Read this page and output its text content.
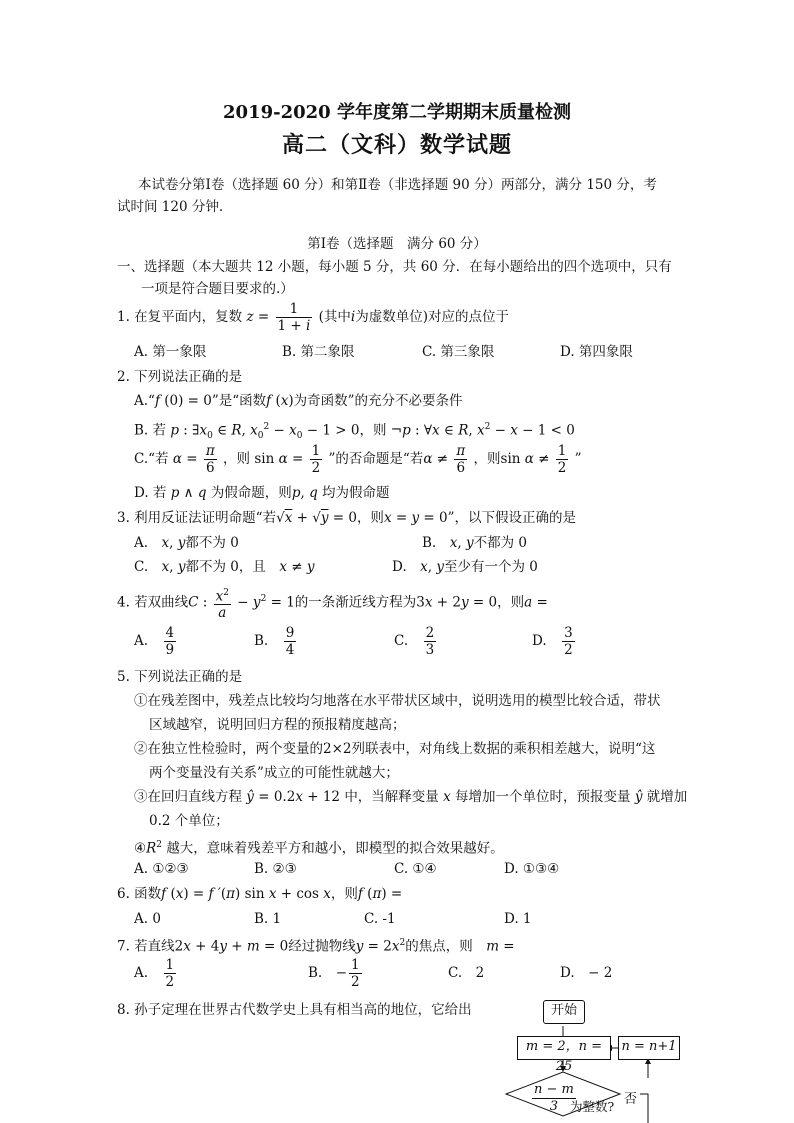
2019-2020 学年度第二学期期末质量检测
高二（文科）数学试题
本试卷分第Ⅰ卷（选择题 60 分）和第Ⅱ卷（非选择题 90 分）两部分，满分 150 分，考
试时间 120 分钟.
第Ⅰ卷（选择题　满分 60 分）
一、选择题（本大题共 12 小题，每小题 5 分，共 60 分．在每小题给出的四个选项中，只有
一项是符合题目要求的.）
1. 在复平面内，复数 $z = \frac{1}{1 + i}$ (其中i为虚数单位)对应的点位于
A. 第一象限	B. 第二象限	C. 第三象限	D. 第四象限
2. 下列说法正确的是
A.“f (0) = 0”是“函数f (x)为奇函数”的充分不必要条件
B. 若 p : $\exists x_0$ ∈ R, $x_0^2 - x_0 - 1 > 0$，则 ¬p : ∀x ∈ R, $x^2 - x - 1 < 0$
C.“若 $\alpha = \frac{\pi}{6}$ ，则 $\sin \alpha = \frac{1}{2}$ ”的否命题是“若$\alpha \ne \frac{\pi}{6}$ ，则$\sin \alpha \ne \frac{1}{2}$ ”
D. 若 p ∧ q 为假命题，则p, q 均为假命题
3. 利用反证法证明命题“若√x + √y = 0，则x = y = 0”，以下假设正确的是
A.　x, y都不为 0	B.　x, y不都为 0
C.　x, y都不为 0，且　 x ≠ y	D.　x, y至少有一个为 0
4. 若双曲线C : $\frac{x^2}{a} - y^2 = 1$的一条渐近线方程为3x + 2y = 0，则a =
A.　 $\frac{4}{9}$	B.　 $\frac{9}{4}$	C.　 $\frac{2}{3}$	D.　 $\frac{3}{2}$
5. 下列说法正确的是
①在残差图中，残差点比较均匀地落在水平带状区域中，说明选用的模型比较合适，带状
区域越窄，说明回归方程的预报精度越高；
②在独立性检验时，两个变量的2×2列联表中，对角线上数据的乘积相差越大，说明“这
两个变量没有关系”成立的可能性就越大；
③在回归直线方程 ŷ = 0.2x + 12 中，当解释变量 x 每增加一个单位时，预报变量 ŷ 就增加
0.2 个单位；
$④R^2$ 越大，意味着残差平方和越小，即模型的拟合效果越好。
A. ①②③	B. ②③	C. ①④	D. ①③④
6. 函数f (x) = f ′(π) sin x + cos x，则f (π) =
A. 0	B. 1	C. -1	D. 1
7. 若直线2x + 4y + m = 0经过抛物线$y = 2x^2$的焦点，则　 m =
A.　 $\frac{1}{2}$	B.　− $\frac{1}{2}$	C.　2	D.　− 2
8. 孙子定理在世界古代数学史上具有相当高的地位，它给出	开始
m = 2，n = 25
n = n+1
$\frac{n - m}{3}$
为整数? 否
